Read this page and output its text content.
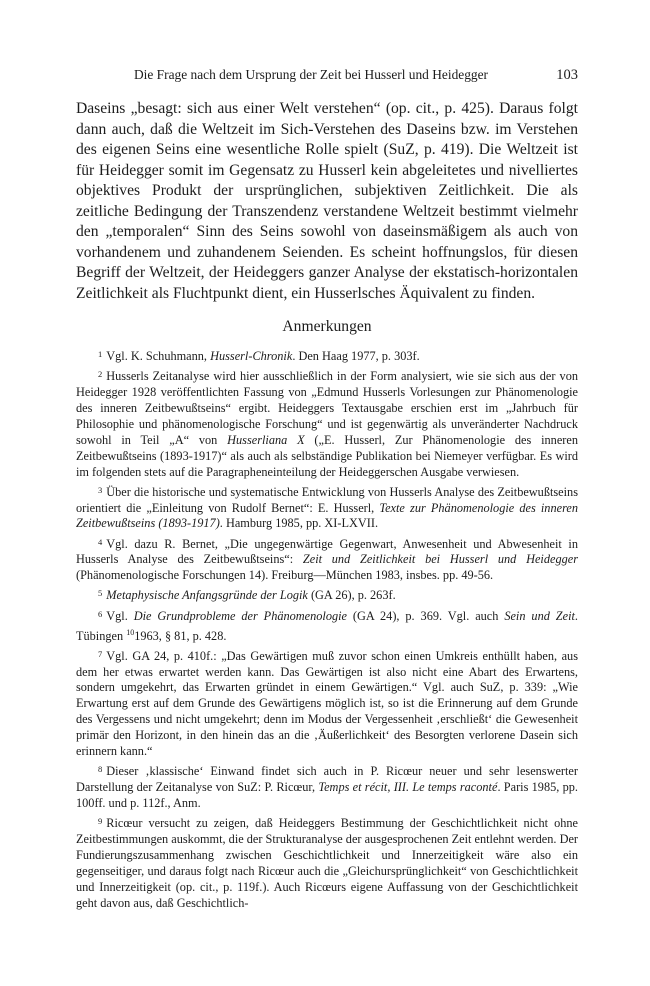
Die Frage nach dem Ursprung der Zeit bei Husserl und Heidegger	103

Daseins „besagt: sich aus einer Welt verstehen“ (op. cit., p. 425). Daraus folgt dann auch, daß die Weltzeit im Sich-Verstehen des Daseins bzw. im Verstehen des eigenen Seins eine wesentliche Rolle spielt (SuZ, p. 419). Die Weltzeit ist für Heidegger somit im Gegensatz zu Husserl kein abgeleitetes und nivelliertes objektives Produkt der ursprünglichen, subjektiven Zeitlichkeit. Die als zeitliche Bedingung der Transzendenz verstandene Weltzeit bestimmt vielmehr den „temporalen“ Sinn des Seins sowohl von daseinsmäßigem als auch von vorhandenem und zuhandenem Seienden. Es scheint hoffnungslos, für diesen Begriff der Weltzeit, der Heideggers ganzer Analyse der ekstatisch-horizontalen Zeitlichkeit als Fluchtpunkt dient, ein Husserlsches Äquivalent zu finden.

Anmerkungen

$^1$ Vgl. K. Schuhmann, Husserl-Chronik. Den Haag 1977, p. 303f.

$^2$ Husserls Zeitanalyse wird hier ausschließlich in der Form analysiert, wie sie sich aus der von Heidegger 1928 veröffentlichten Fassung von „Edmund Husserls Vorlesungen zur Phänomenologie des inneren Zeitbewußtseins“ ergibt. Heideggers Textausgabe erschien erst im „Jahrbuch für Philosophie und phänomenologische Forschung“ und ist gegenwärtig als unveränderter Nachdruck sowohl in Teil „A“ von Husserliana X („E. Husserl, Zur Phänomenologie des inneren Zeitbewußtseins (1893-1917)“ als auch als selbständige Publikation bei Niemeyer verfügbar. Es wird im folgenden stets auf die Paragrapheneinteilung der Heideggerschen Ausgabe verwiesen.

$^3$ Über die historische und systematische Entwicklung von Husserls Analyse des Zeitbewußtseins orientiert die „Einleitung von Rudolf Bernet“: E. Husserl, Texte zur Phänomenologie des inneren Zeitbewußtseins (1893-1917). Hamburg 1985, pp. XI-LXVII.

$^4$ Vgl. dazu R. Bernet, „Die ungegenwärtige Gegenwart, Anwesenheit und Abwesenheit in Husserls Analyse des Zeitbewußtseins“: Zeit und Zeitlichkeit bei Husserl und Heidegger (Phänomenologische Forschungen 14). Freiburg—München 1983, insbes. pp. 49-56.

$^5$ Metaphysische Anfangsgründe der Logik (GA 26), p. 263f.

$^6$ Vgl. Die Grundprobleme der Phänomenologie (GA 24), p. 369. Vgl. auch Sein und Zeit. Tübingen $^{10}$1963, § 81, p. 428.

$^7$ Vgl. GA 24, p. 410f.: „Das Gewärtigen muß zuvor schon einen Umkreis enthüllt haben, aus dem her etwas erwartet werden kann. Das Gewärtigen ist also nicht eine Abart des Erwartens, sondern umgekehrt, das Erwarten gründet in einem Gewärtigen.“ Vgl. auch SuZ, p. 339: „Wie Erwartung erst auf dem Grunde des Gewärtigens möglich ist, so ist die Erinnerung auf dem Grunde des Vergessens und nicht umgekehrt; denn im Modus der Vergessenheit ‚erschließt‘ die Gewesenheit primär den Horizont, in den hinein das an die ‚Äußerlichkeit‘ des Besorgten verlorene Dasein sich erinnern kann.“

$^8$ Dieser ‚klassische‘ Einwand findet sich auch in P. Ricœur neuer und sehr lesenswerter Darstellung der Zeitanalyse von SuZ: P. Ricœur, Temps et récit, III. Le temps raconté. Paris 1985, pp. 100ff. und p. 112f., Anm.

$^9$ Ricœur versucht zu zeigen, daß Heideggers Bestimmung der Geschichtlichkeit nicht ohne Zeitbestimmungen auskommt, die der Strukturanalyse der ausgesprochenen Zeit entlehnt werden. Der Fundierungszusammenhang zwischen Geschichtlichkeit und Innerzeitigkeit wäre also ein gegenseitiger, und daraus folgt nach Ricœur auch die „Gleichursprünglichkeit“ von Geschichtlichkeit und Innerzeitigkeit (op. cit., p. 119f.). Auch Ricœurs eigene Auffassung von der Geschichtlichkeit geht davon aus, daß Geschichtlich-
